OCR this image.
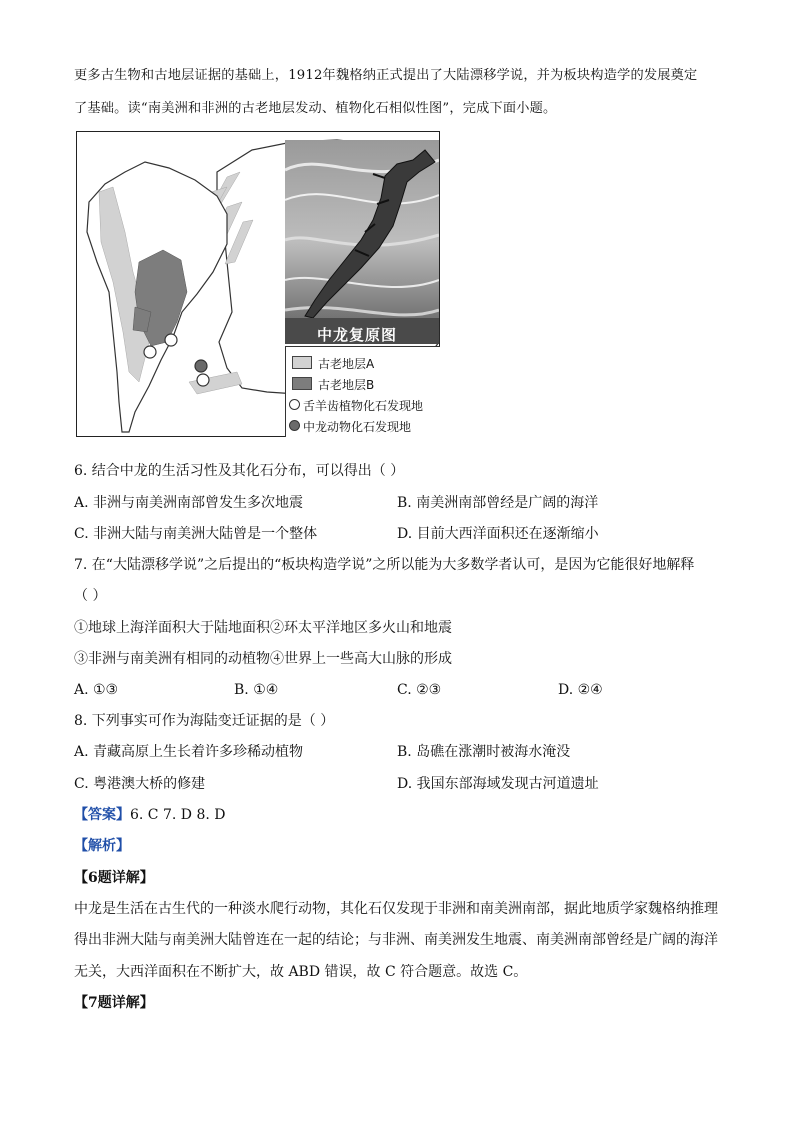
更多古生物和古地层证据的基础上，1912年魏格纳正式提出了大陆漂移学说，并为板块构造学的发展奠定
了基础。读“南美洲和非洲的古老地层发动、植物化石相似性图”，完成下面小题。
中龙复原图
古老地层A
古老地层B
舌羊齿植物化石发现地
中龙动物化石发现地
6. 结合中龙的生活习性及其化石分布，可以得出（ ）
A. 非洲与南美洲南部曾发生多次地震	B. 南美洲南部曾经是广阔的海洋
C. 非洲大陆与南美洲大陆曾是一个整体	D. 目前大西洋面积还在逐渐缩小
7. 在“大陆漂移学说”之后提出的“板块构造学说”之所以能为大多数学者认可，是因为它能很好地解释
（ ）
①地球上海洋面积大于陆地面积②环太平洋地区多火山和地震
③非洲与南美洲有相同的动植物④世界上一些高大山脉的形成
A. ①③	B. ①④	C. ②③	D. ②④
8. 下列事实可作为海陆变迁证据的是（ ）
A. 青藏高原上生长着许多珍稀动植物	B. 岛礁在涨潮时被海水淹没
C. 粤港澳大桥的修建	D. 我国东部海域发现古河道遗址
【答案】6. C 7. D 8. D
【解析】
【6题详解】
中龙是生活在古生代的一种淡水爬行动物，其化石仅发现于非洲和南美洲南部，据此地质学家魏格纳推理
得出非洲大陆与南美洲大陆曾连在一起的结论；与非洲、南美洲发生地震、南美洲南部曾经是广阔的海洋
无关，大西洋面积在不断扩大，故 ABD 错误，故 C 符合题意。故选 C。
【7题详解】
